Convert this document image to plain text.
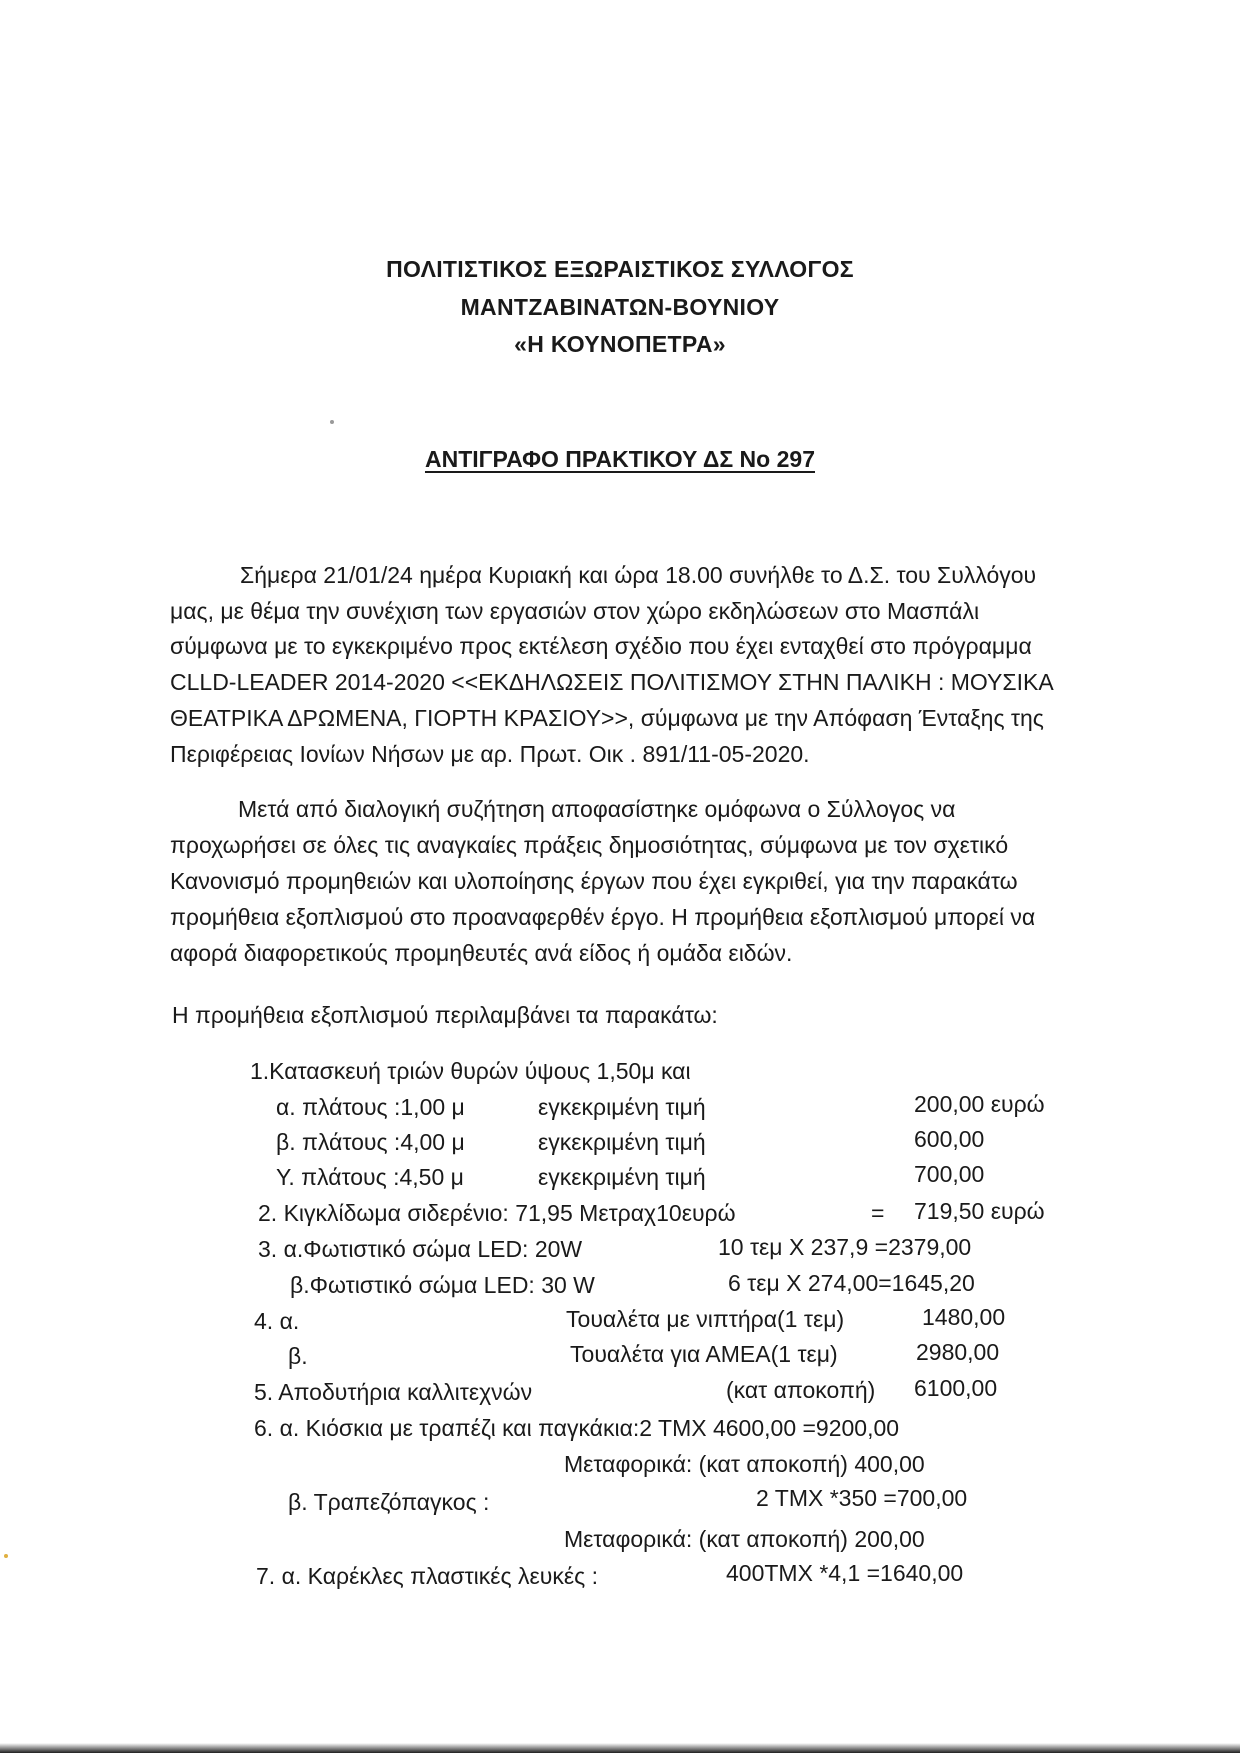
ΠΟΛΙΤΙΣΤΙΚΟΣ ΕΞΩΡΑΙΣΤΙΚΟΣ ΣΥΛΛΟΓΟΣ
ΜΑΝΤΖΑΒΙΝΑΤΩΝ-ΒΟΥΝΙΟΥ
«Η ΚΟΥΝΟΠΕΤΡΑ»
ΑΝΤΙΓΡΑΦΟ ΠΡΑΚΤΙΚΟΥ ΔΣ Νο 297
Σήμερα 21/01/24 ημέρα Κυριακή και ώρα 18.00 συνήλθε το Δ.Σ. του Συλλόγου
μας, με θέμα την συνέχιση των εργασιών στον χώρο εκδηλώσεων στο Μασπάλι
σύμφωνα με το εγκεκριμένο προς εκτέλεση σχέδιο που έχει ενταχθεί στο πρόγραμμα
CLLD-LEADER 2014-2020 <<ΕΚΔΗΛΩΣΕΙΣ ΠΟΛΙΤΙΣΜΟΥ ΣΤΗΝ ΠΑΛΙΚΗ : ΜΟΥΣΙΚΑ
ΘΕΑΤΡΙΚΑ ΔΡΩΜΕΝΑ, ΓΙΟΡΤΗ ΚΡΑΣΙΟΥ>>, σύμφωνα με την Απόφαση Ένταξης της
Περιφέρειας Ιονίων Νήσων με αρ. Πρωτ. Οικ . 891/11-05-2020.
Μετά από διαλογική συζήτηση αποφασίστηκε ομόφωνα ο Σύλλογος να
προχωρήσει σε όλες τις αναγκαίες πράξεις δημοσιότητας, σύμφωνα με τον σχετικό
Κανονισμό προμηθειών και υλοποίησης έργων που έχει εγκριθεί, για την παρακάτω
προμήθεια εξοπλισμού στο προαναφερθέν έργο. Η προμήθεια εξοπλισμού μπορεί να
αφορά διαφορετικούς προμηθευτές ανά είδος ή ομάδα ειδών.
Η προμήθεια εξοπλισμού περιλαμβάνει τα παρακάτω:
1.Κατασκευή τριών θυρών ύψους 1,50μ και
α. πλάτους :1,00 μ	εγκεκριμένη τιμή	200,00 ευρώ
β. πλάτους :4,00 μ	εγκεκριμένη τιμή	600,00
Υ. πλάτους :4,50 μ	εγκεκριμένη τιμή	700,00
2. Κιγκλίδωμα σιδερένιο: 71,95 Μετραχ10ευρώ	= 719,50 ευρώ
3. α.Φωτιστικό σώμα LED: 20W	10 τεμ Χ 237,9 =2379,00
β.Φωτιστικό σώμα LED: 30 W	6 τεμ Χ 274,00=1645,20
4. α.	Τουαλέτα με νιπτήρα(1 τεμ)	1480,00
β.	Τουαλέτα για ΑΜΕΑ(1 τεμ)	2980,00
5. Αποδυτήρια καλλιτεχνών	(κατ αποκοπή) 6100,00
6. α. Κιόσκια με τραπέζι και παγκάκια:2 ΤΜΧ 4600,00 =9200,00
Μεταφορικά: (κατ αποκοπή) 400,00
β. Τραπεζόπαγκος :	2 ΤΜΧ *350 =700,00
Μεταφορικά: (κατ αποκοπή) 200,00
7. α. Καρέκλες πλαστικές λευκές :	400ΤΜΧ *4,1 =1640,00
